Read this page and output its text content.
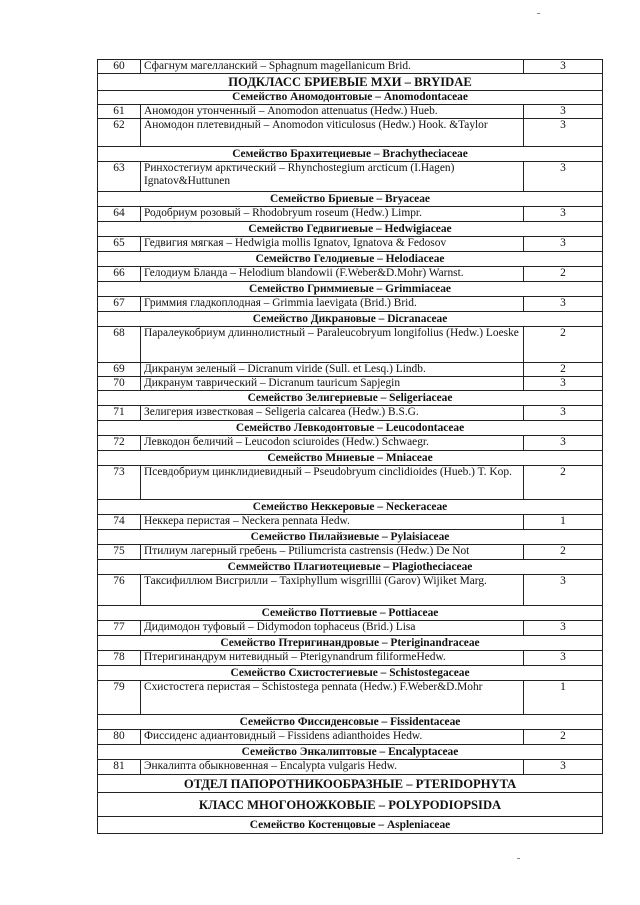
60	Сфагнум магелланский – Sphagnum magellanicum Brid.	3
ПОДКЛАСС БРИЕВЫЕ МХИ – BRYIDAE		
Семейство Аномодонтовые – Anomodontaceae		
61	Аномодон утонченный – Anomodon attenuatus (Hedw.) Hueb.	3
62	Аномодон плетевидный – Anomodon viticulosus (Hedw.) Hook. &Taylor	3
Семейство Брахитециевые – Brachytheciaceae		
63	Ринхостегиум арктический – Rhynchostegium arcticum (I.Hagen) Ignatov&Huttunen	3
Семейство Бриевые – Bryaceae		
64	Родобриум розовый – Rhodobryum roseum (Hedw.) Limpr.	3
Семейство Гедвигиевые – Hedwigiaceae		
65	Гедвигия мягкая – Hedwigia mollis Ignatov, Ignatova & Fedosov	3
Семейство Гелодиевые – Helodiaceae		
66	Гелодиум Бланда – Helodium blandowii (F.Weber&D.Mohr) Warnst.	2
Семейство Гриммиевые – Grimmiaceae		
67	Гриммия гладкоплодная – Grimmia laevigata (Brid.) Brid.	3
Семейство Дикрановые – Dicranaceae		
68	Паралеукобриум длиннолистный – Paraleucobryum longifolius (Hedw.) Loeske	2
69	Дикранум зеленый – Dicranum viride (Sull. et Lesq.) Lindb.	2
70	Дикранум таврический – Dicranum tauricum Sapjegin	3
Семейство Зелигериевые – Seligeriaceae		
71	Зелигерия известковая – Seligeria calcarea (Hedw.) B.S.G.	3
Семейство Левкодонтовые – Leucodontaceae		
72	Левкодон беличий – Leucodon sciuroides (Hedw.) Schwaegr.	3
Семейство Мниевые – Mniaceae		
73	Псевдобриум цинклидиевидный – Pseudobryum cinclidioides (Hueb.) T. Kop.	2
Семейство Неккеровые – Neckeraceae		
74	Неккера перистая – Neckera pennata Hedw.	1
Семейство Пилайзиевые – Pylaisiaceae		
75	Птилиум лагерный гребень – Ptiliumcrista castrensis (Hedw.) De Not	2
Семмейство Плагиотециевые – Plagiotheciaceae		
76	Таксифиллюм Висгрилли – Taxiphyllum wisgrillii (Garov) Wijiket Marg.	3
Семейство Поттиевые – Pottiaceae		
77	Дидимодон туфовый – Didymodon tophaceus (Brid.) Lisa	3
Семейство Птеригинандровые – Pteriginandraceae		
78	Птеригинандрум нитевидный – Pterigynandrum filiformeHedw.	3
Семейство Схистостегиевые – Schistostegaceae		
79	Схистостега перистая – Schistostega pennata (Hedw.) F.Weber&D.Mohr	1
Семейство Фиссиденсовые – Fissidentaceae		
80	Фиссиденс адиантовидный – Fissidens adianthoides Hedw.	2
Семейство Энкалиптовые – Encalyptaceae		
81	Энкалипта обыкновенная – Encalypta vulgaris Hedw.	3
ОТДЕЛ ПАПОРОТНИКООБРАЗНЫЕ – PTERIDOPHYTA		
КЛАСС МНОГОНОЖКОВЫЕ – POLYPODIOPSIDA		
Семейство Костенцовые – Aspleniaceae		
